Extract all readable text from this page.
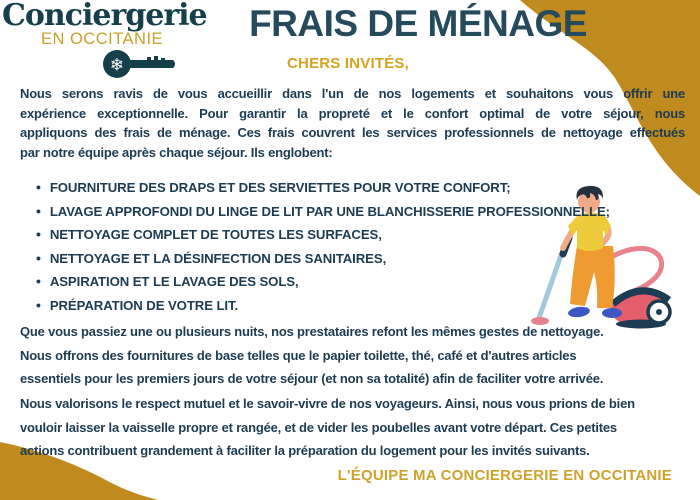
Conciergerie
EN OCCITANIE
❄
FRAIS DE MÉNAGE
CHERS INVITÉS,
Nous serons ravis de vous accueillir dans l'un de nos logements et souhaitons vous offrir une
expérience exceptionnelle. Pour garantir la propreté et le confort optimal de votre séjour, nous
appliquons des frais de ménage. Ces frais couvrent les services professionnels de nettoyage effectués
par notre équipe après chaque séjour. Ils englobent:
• FOURNITURE DES DRAPS ET DES SERVIETTES POUR VOTRE CONFORT;
• LAVAGE APPROFONDI DU LINGE DE LIT PAR UNE BLANCHISSERIE PROFESSIONNELLE;
• NETTOYAGE COMPLET DE TOUTES LES SURFACES,
• NETTOYAGE ET LA DÉSINFECTION DES SANITAIRES,
• ASPIRATION ET LE LAVAGE DES SOLS,
• PRÉPARATION DE VOTRE LIT.
Que vous passiez une ou plusieurs nuits, nos prestataires refont les mêmes gestes de nettoyage.
Nous offrons des fournitures de base telles que le papier toilette, thé, café et d'autres articles
essentiels pour les premiers jours de votre séjour (et non sa totalité) afin de faciliter votre arrivée.
Nous valorisons le respect mutuel et le savoir-vivre de nos voyageurs. Ainsi, nous vous prions de bien
vouloir laisser la vaisselle propre et rangée, et de vider les poubelles avant votre départ. Ces petites
actions contribuent grandement à faciliter la préparation du logement pour les invités suivants.
L'ÉQUIPE MA CONCIERGERIE EN OCCITANIE
